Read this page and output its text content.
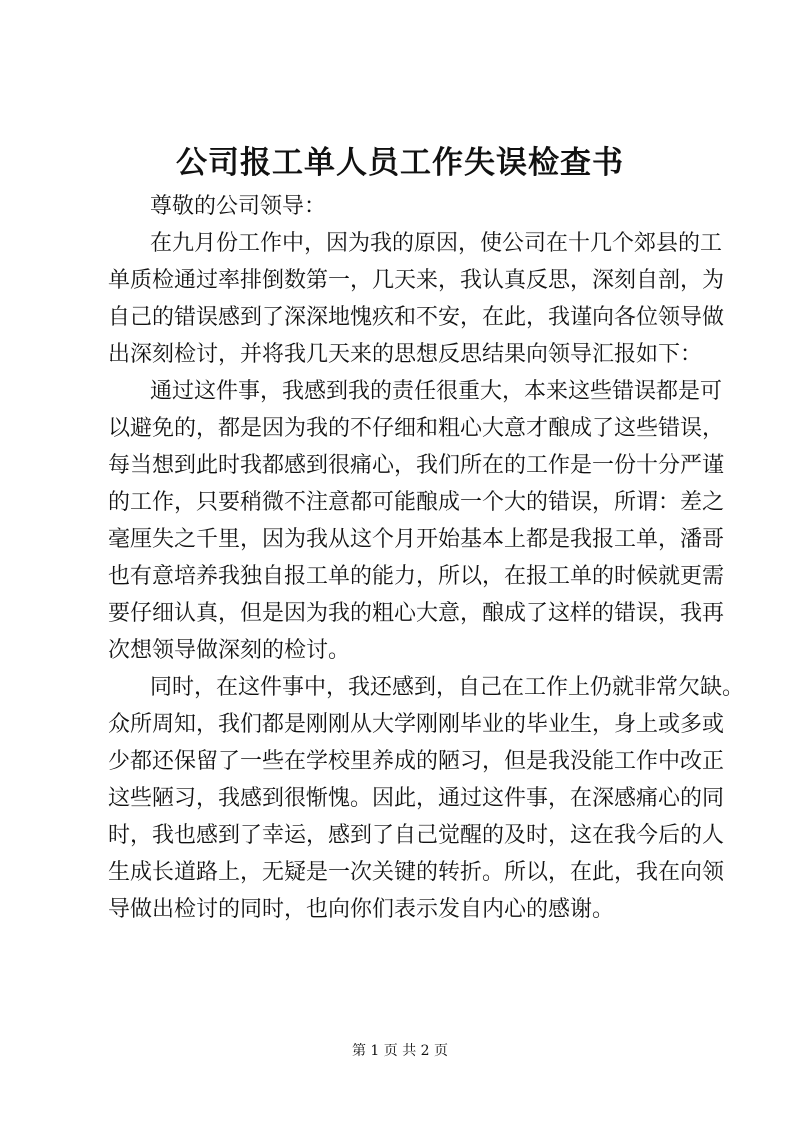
公司报工单人员工作失误检查书
尊敬的公司领导：
在九月份工作中，因为我的原因，使公司在十几个郊县的工
单质检通过率排倒数第一，几天来，我认真反思，深刻自剖，为
自己的错误感到了深深地愧疚和不安，在此，我谨向各位领导做
出深刻检讨，并将我几天来的思想反思结果向领导汇报如下：
通过这件事，我感到我的责任很重大，本来这些错误都是可
以避免的，都是因为我的不仔细和粗心大意才酿成了这些错误，
每当想到此时我都感到很痛心，我们所在的工作是一份十分严谨
的工作，只要稍微不注意都可能酿成一个大的错误，所谓：差之
毫厘失之千里，因为我从这个月开始基本上都是我报工单，潘哥
也有意培养我独自报工单的能力，所以，在报工单的时候就更需
要仔细认真，但是因为我的粗心大意，酿成了这样的错误，我再
次想领导做深刻的检讨。
同时，在这件事中，我还感到，自己在工作上仍就非常欠缺。
众所周知，我们都是刚刚从大学刚刚毕业的毕业生，身上或多或
少都还保留了一些在学校里养成的陋习，但是我没能工作中改正
这些陋习，我感到很惭愧。因此，通过这件事，在深感痛心的同
时，我也感到了幸运，感到了自己觉醒的及时，这在我今后的人
生成长道路上，无疑是一次关键的转折。所以，在此，我在向领
导做出检讨的同时，也向你们表示发自内心的感谢。
第 1 页 共 2 页
